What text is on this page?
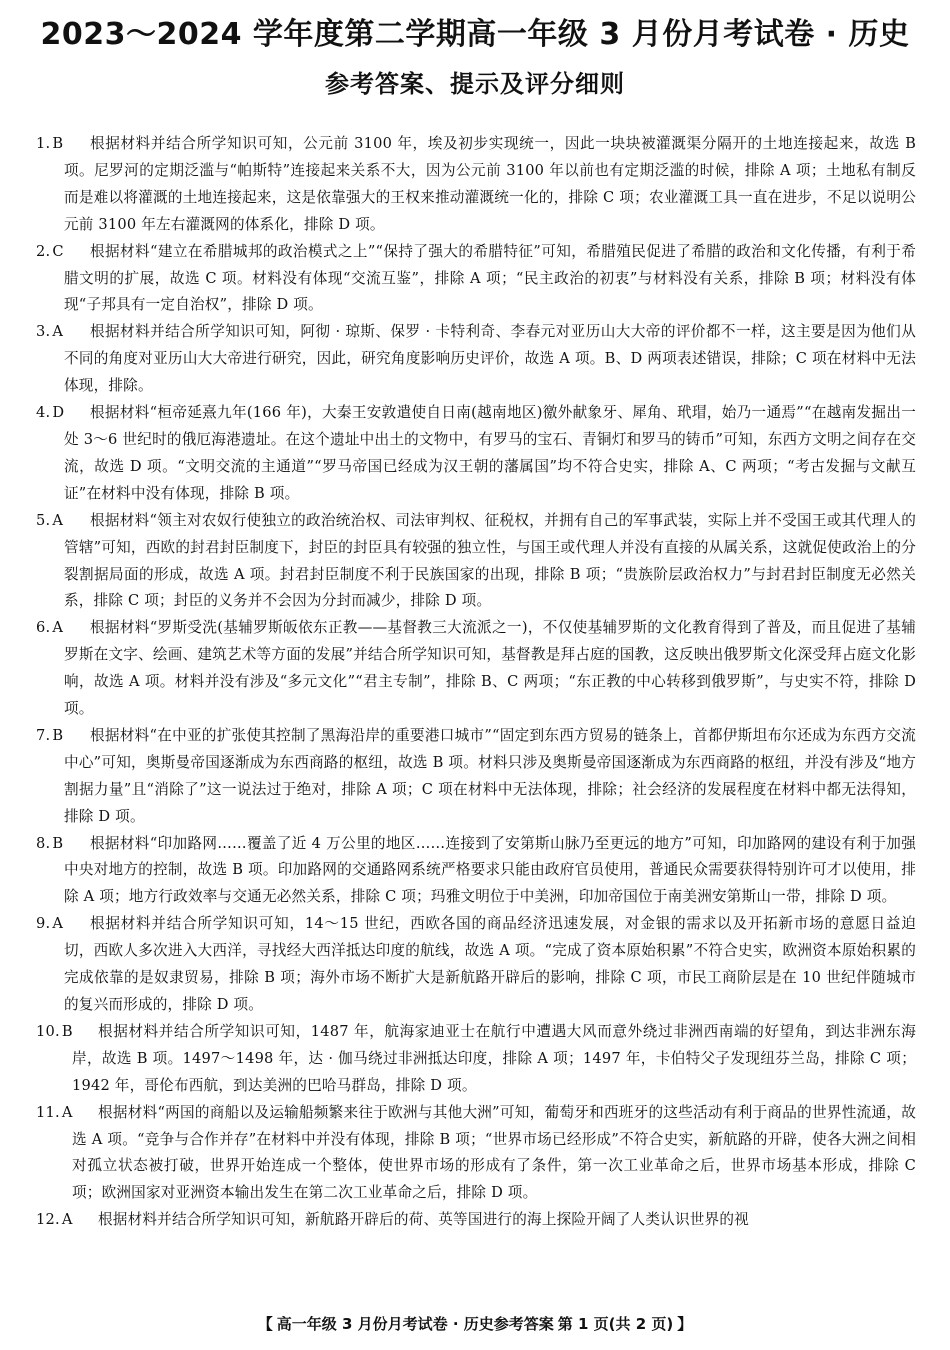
2023～2024 学年度第二学期高一年级 3 月份月考试卷 · 历史
参考答案、提示及评分细则
1. B	根据材料并结合所学知识可知，公元前 3100 年，埃及初步实现统一，因此一块块被灌溉渠分隔开的土地连接起来，故选 B 项。尼罗河的定期泛滥与“帕斯特”连接起来关系不大，因为公元前 3100 年以前也有定期泛滥的时候，排除 A 项；土地私有制反而是难以将灌溉的土地连接起来，这是依靠强大的王权来推动灌溉统一化的，排除 C 项；农业灌溉工具一直在进步，不足以说明公元前 3100 年左右灌溉网的体系化，排除 D 项。
2. C	根据材料“建立在希腊城邦的政治模式之上”“保持了强大的希腊特征”可知，希腊殖民促进了希腊的政治和文化传播，有利于希腊文明的扩展，故选 C 项。材料没有体现“交流互鉴”，排除 A 项；“民主政治的初衷”与材料没有关系，排除 B 项；材料没有体现“子邦具有一定自治权”，排除 D 项。
3. A	根据材料并结合所学知识可知，阿彻 · 琼斯、保罗 · 卡特利奇、李春元对亚历山大大帝的评价都不一样，这主要是因为他们从不同的角度对亚历山大大帝进行研究，因此，研究角度影响历史评价，故选 A 项。B、D 两项表述错误，排除；C 项在材料中无法体现，排除。
4. D	根据材料“桓帝延熹九年(166 年)，大秦王安敦遣使自日南(越南地区)徼外献象牙、犀角、玳瑁，始乃一通焉”“在越南发掘出一处 3～6 世纪时的俄厄海港遗址。在这个遗址中出土的文物中，有罗马的宝石、青铜灯和罗马的铸币”可知，东西方文明之间存在交流，故选 D 项。“文明交流的主通道”“罗马帝国已经成为汉王朝的藩属国”均不符合史实，排除 A、C 两项；“考古发掘与文献互证”在材料中没有体现，排除 B 项。
5. A	根据材料“领主对农奴行使独立的政治统治权、司法审判权、征税权，并拥有自己的军事武装，实际上并不受国王或其代理人的管辖”可知，西欧的封君封臣制度下，封臣的封臣具有较强的独立性，与国王或代理人并没有直接的从属关系，这就促使政治上的分裂割据局面的形成，故选 A 项。封君封臣制度不利于民族国家的出现，排除 B 项；“贵族阶层政治权力”与封君封臣制度无必然关系，排除 C 项；封臣的义务并不会因为分封而减少，排除 D 项。
6. A	根据材料“罗斯受洗(基辅罗斯皈依东正教——基督教三大流派之一)，不仅使基辅罗斯的文化教育得到了普及，而且促进了基辅罗斯在文字、绘画、建筑艺术等方面的发展”并结合所学知识可知，基督教是拜占庭的国教，这反映出俄罗斯文化深受拜占庭文化影响，故选 A 项。材料并没有涉及“多元文化”“君主专制”，排除 B、C 两项；“东正教的中心转移到俄罗斯”，与史实不符，排除 D 项。
7. B	根据材料“在中亚的扩张使其控制了黑海沿岸的重要港口城市”“固定到东西方贸易的链条上，首都伊斯坦布尔还成为东西方交流中心”可知，奥斯曼帝国逐渐成为东西商路的枢纽，故选 B 项。材料只涉及奥斯曼帝国逐渐成为东西商路的枢纽，并没有涉及“地方割据力量”且“消除了”这一说法过于绝对，排除 A 项；C 项在材料中无法体现，排除；社会经济的发展程度在材料中都无法得知，排除 D 项。
8. B	根据材料“印加路网……覆盖了近 4 万公里的地区……连接到了安第斯山脉乃至更远的地方”可知，印加路网的建设有利于加强中央对地方的控制，故选 B 项。印加路网的交通路网系统严格要求只能由政府官员使用，普通民众需要获得特别许可才以使用，排除 A 项；地方行政效率与交通无必然关系，排除 C 项；玛雅文明位于中美洲，印加帝国位于南美洲安第斯山一带，排除 D 项。
9. A	根据材料并结合所学知识可知，14～15 世纪，西欧各国的商品经济迅速发展，对金银的需求以及开拓新市场的意愿日益迫切，西欧人多次进入大西洋，寻找经大西洋抵达印度的航线，故选 A 项。“完成了资本原始积累”不符合史实，欧洲资本原始积累的完成依靠的是奴隶贸易，排除 B 项；海外市场不断扩大是新航路开辟后的影响，排除 C 项，市民工商阶层是在 10 世纪伴随城市的复兴而形成的，排除 D 项。
10. B	根据材料并结合所学知识可知，1487 年，航海家迪亚士在航行中遭遇大风而意外绕过非洲西南端的好望角，到达非洲东海岸，故选 B 项。1497～1498 年，达 · 伽马绕过非洲抵达印度，排除 A 项；1497 年，卡伯特父子发现纽芬兰岛，排除 C 项；1942 年，哥伦布西航，到达美洲的巴哈马群岛，排除 D 项。
11. A	根据材料“两国的商船以及运输船频繁来往于欧洲与其他大洲”可知，葡萄牙和西班牙的这些活动有利于商品的世界性流通，故选 A 项。“竞争与合作并存”在材料中并没有体现，排除 B 项；“世界市场已经形成”不符合史实，新航路的开辟，使各大洲之间相对孤立状态被打破，世界开始连成一个整体，使世界市场的形成有了条件，第一次工业革命之后，世界市场基本形成，排除 C 项；欧洲国家对亚洲资本输出发生在第二次工业革命之后，排除 D 项。
12. A	根据材料并结合所学知识可知，新航路开辟后的荷、英等国进行的海上探险开阔了人类认识世界的视
【 高一年级 3 月份月考试卷 · 历史参考答案 第 1 页(共 2 页) 】
